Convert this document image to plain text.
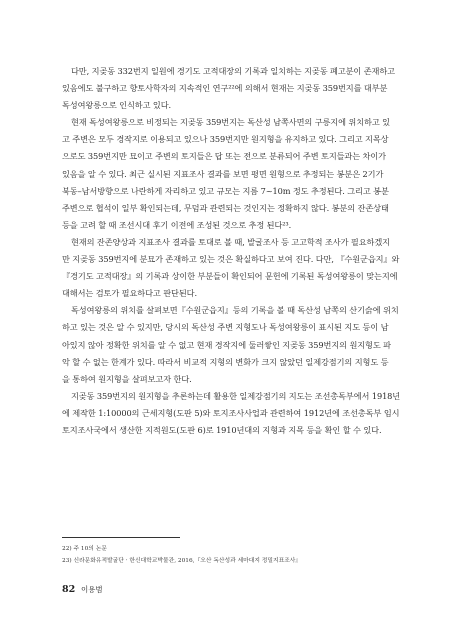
다만, 지곶동 332번지 일원에 경기도 고적대장의 기록과 일치하는 지곶동 폐고분이 존재하고
있음에도 불구하고 향토사학자의 지속적인 연구²²에 의해서 현재는 지곶동 359번지를 대부분
독성여왕릉으로 인식하고 있다.

현재 독성여왕릉으로 비정되는 지곶동 359번지는 독산성 남쪽사면의 구릉지에 위치하고 있
고 주변은 모두 경작지로 이용되고 있으나 359번지만 원지형을 유지하고 있다. 그리고 지목상
으로도 359번지만 묘이고 주변의 토지들은 답 또는 전으로 분류되어 주변 토지들과는 차이가
있음을 알 수 있다. 최근 실시된 지표조사 결과를 보면 평면 원형으로 추정되는 봉분은 2기가
북동–남서방향으로 나란하게 자리하고 있고 규모는 지름 7~10m 정도 추정된다. 그리고 봉분
주변으로 협석이 일부 확인되는데, 무덤과 관련되는 것인지는 정확하지 않다. 봉분의 잔존상태
등을 고려 할 때 조선시대 후기 이전에 조성된 것으로 추정 된다²³.

현재의 잔존양상과 지표조사 결과를 토대로 볼 때, 발굴조사 등 고고학적 조사가 필요하겠지
만 지곶동 359번지에 분묘가 존재하고 있는 것은 확실하다고 보여 진다. 다만, 『수원군읍지』와
『경기도 고적대장』의 기록과 상이한 부분들이 확인되어 문헌에 기록된 독성여왕릉이 맞는지에
대해서는 검토가 필요하다고 판단된다.

독성여왕릉의 위치를 살펴보면『수원군읍지』등의 기록을 볼 때 독산성 남쪽의 산기슭에 위치
하고 있는 것은 알 수 있지만, 당시의 독산성 주변 지형도나 독성여왕릉이 표시된 지도 등이 남
아있지 않아 정확한 위치를 알 수 없고 현재 경작지에 둘러쌓인 지곶동 359번지의 원지형도 파
악 할 수 없는 한계가 있다. 따라서 비교적 지형의 변화가 크지 않았던 일제강점기의 지형도 등
을 통하여 원지형을 살펴보고자 한다.

지곶동 359번지의 원지형을 추론하는데 활용한 일제강점기의 지도는 조선총독부에서 1918년
에 제작한 1:10000의 근세지형(도판 5)와 토지조사사업과 관련하여 1912년에 조선총독부 임시
토지조사국에서 생산한 지적원도(도판 6)로 1910년대의 지형과 지목 등을 확인 할 수 있다.

22) 주 10의 논문
23) 신라문화유적발굴단 · 한신대학교박물관, 2016,『오산 독산성과 세마대지 정밀지표조사』
82 이용범
